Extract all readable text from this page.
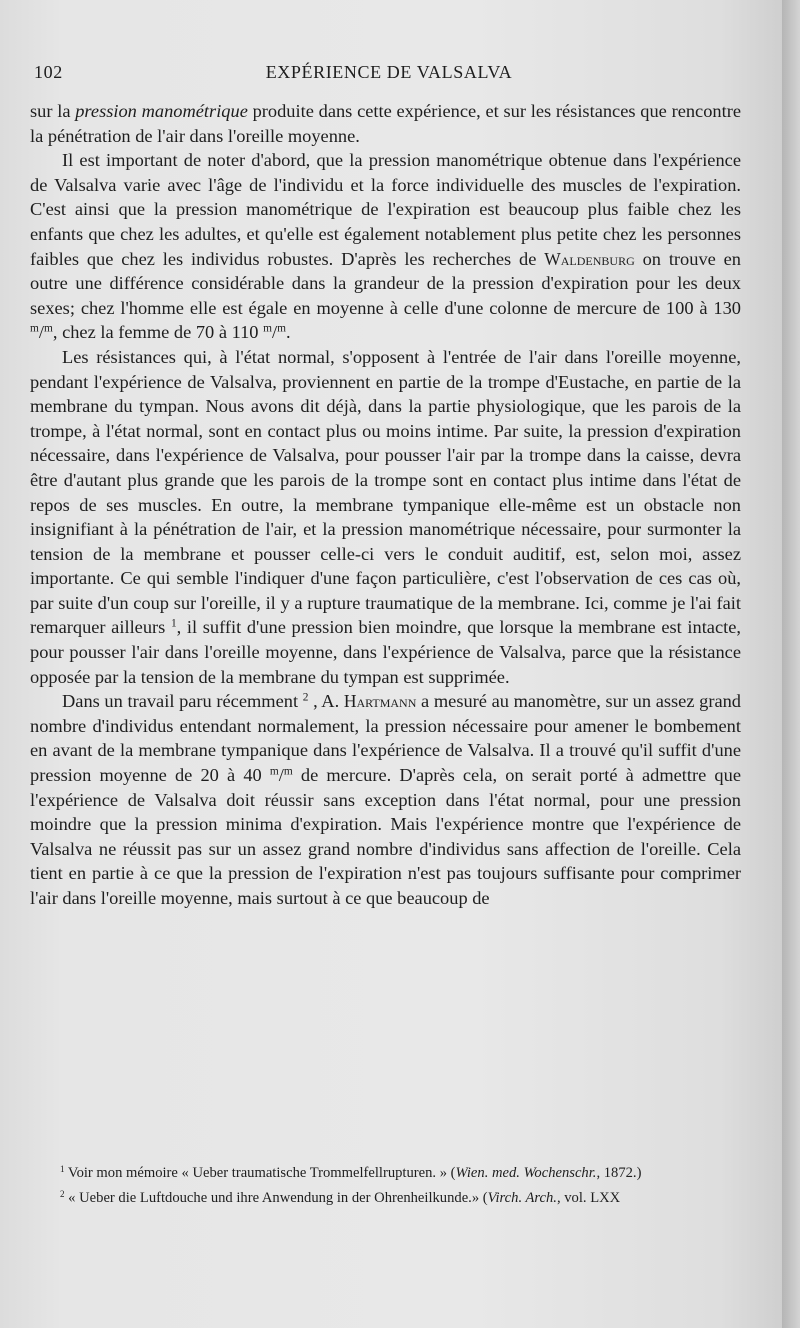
102	EXPÉRIENCE DE VALSALVA

sur la pression manométrique produite dans cette expérience, et sur les résistances que rencontre la pénétration de l'air dans l'oreille moyenne.

Il est important de noter d'abord, que la pression manométrique obtenue dans l'expérience de Valsalva varie avec l'âge de l'individu et la force individuelle des muscles de l'expiration. C'est ainsi que la pression manométrique de l'expiration est beaucoup plus faible chez les enfants que chez les adultes, et qu'elle est également notablement plus petite chez les personnes faibles que chez les individus robustes. D'après les recherches de Waldenburg on trouve en outre une différence considérable dans la grandeur de la pression d'expiration pour les deux sexes; chez l'homme elle est égale en moyenne à celle d'une colonne de mercure de 100 à 130 $^m$/$^m$, chez la femme de 70 à 110 $^m$/$^m$.

Les résistances qui, à l'état normal, s'opposent à l'entrée de l'air dans l'oreille moyenne, pendant l'expérience de Valsalva, proviennent en partie de la trompe d'Eustache, en partie de la membrane du tympan. Nous avons dit déjà, dans la partie physiologique, que les parois de la trompe, à l'état normal, sont en contact plus ou moins intime. Par suite, la pression d'expiration nécessaire, dans l'expérience de Valsalva, pour pousser l'air par la trompe dans la caisse, devra être d'autant plus grande que les parois de la trompe sont en contact plus intime dans l'état de repos de ses muscles. En outre, la membrane tympanique elle-même est un obstacle non insignifiant à la pénétration de l'air, et la pression manométrique nécessaire, pour surmonter la tension de la membrane et pousser celle-ci vers le conduit auditif, est, selon moi, assez importante. Ce qui semble l'indiquer d'une façon particulière, c'est l'observation de ces cas où, par suite d'un coup sur l'oreille, il y a rupture traumatique de la membrane. Ici, comme je l'ai fait remarquer ailleurs $^1$, il suffit d'une pression bien moindre, que lorsque la membrane est intacte, pour pousser l'air dans l'oreille moyenne, dans l'expérience de Valsalva, parce que la résistance opposée par la tension de la membrane du tympan est supprimée.

Dans un travail paru récemment $^2$ , A. Hartmann a mesuré au manomètre, sur un assez grand nombre d'individus entendant normalement, la pression nécessaire pour amener le bombement en avant de la membrane tympanique dans l'expérience de Valsalva. Il a trouvé qu'il suffit d'une pression moyenne de 20 à 40 $^m$/$^m$ de mercure. D'après cela, on serait porté à admettre que l'expérience de Valsalva doit réussir sans exception dans l'état normal, pour une pression moindre que la pression minima d'expiration. Mais l'expérience montre que l'expérience de Valsalva ne réussit pas sur un assez grand nombre d'individus sans affection de l'oreille. Cela tient en partie à ce que la pression de l'expiration n'est pas toujours suffisante pour comprimer l'air dans l'oreille moyenne, mais surtout à ce que beaucoup de

$^1$ Voir mon mémoire « Ueber traumatische Trommelfellrupturen. » (Wien. med. Wochenschr., 1872.)

$^2$ « Ueber die Luftdouche und ihre Anwendung in der Ohrenheilkunde.» (Virch. Arch., vol. LXX
